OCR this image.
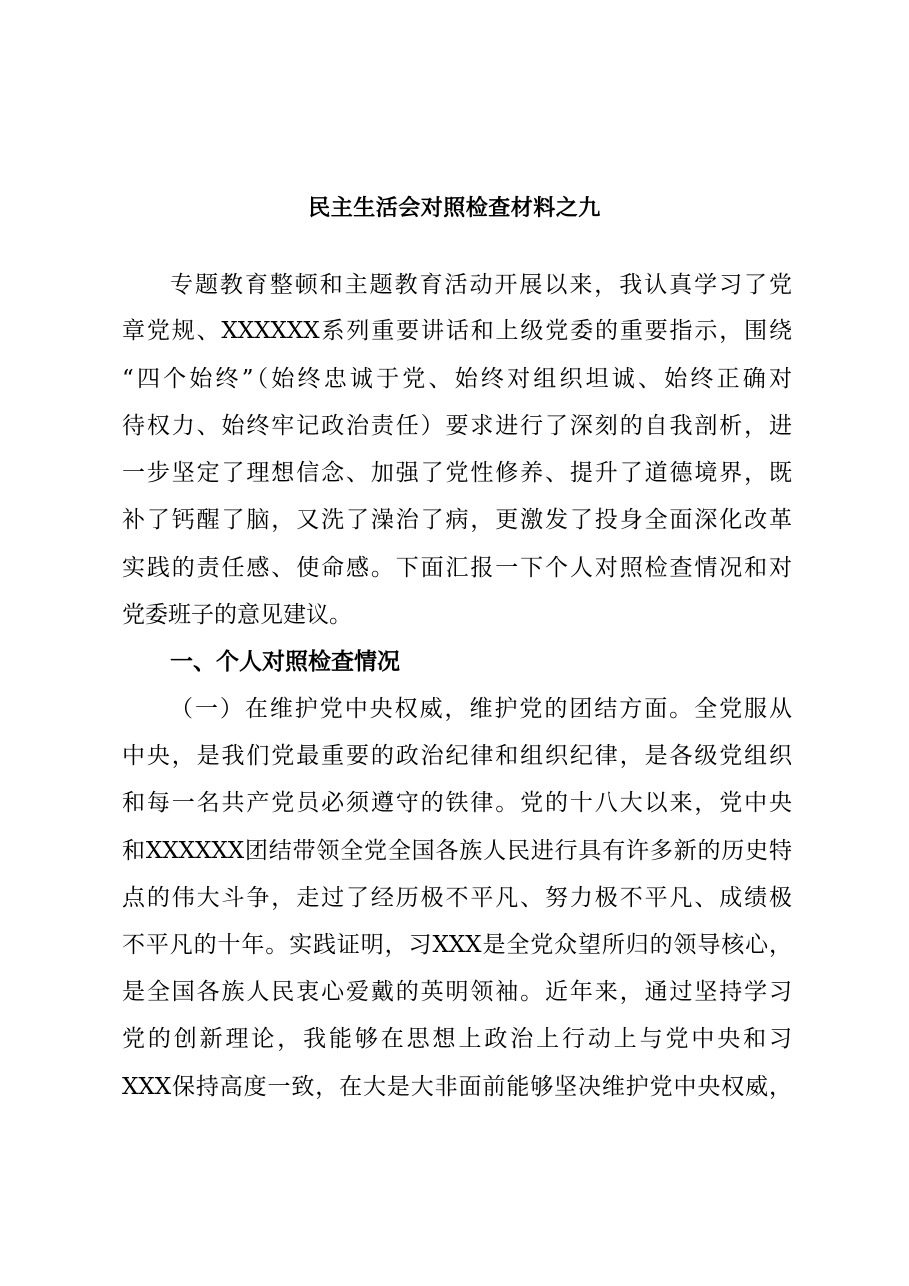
民主生活会对照检查材料之九
专题教育整顿和主题教育活动开展以来，我认真学习了党
章党规、XXXXXX系列重要讲话和上级党委的重要指示，围绕
“四个始终”（始终忠诚于党、始终对组织坦诚、始终正确对
待权力、始终牢记政治责任）要求进行了深刻的自我剖析，进
一步坚定了理想信念、加强了党性修养、提升了道德境界，既
补了钙醒了脑，又洗了澡治了病，更激发了投身全面深化改革
实践的责任感、使命感。下面汇报一下个人对照检查情况和对
党委班子的意见建议。
一、个人对照检查情况
（一）在维护党中央权威，维护党的团结方面。全党服从
中央，是我们党最重要的政治纪律和组织纪律，是各级党组织
和每一名共产党员必须遵守的铁律。党的十八大以来，党中央
和XXXXXX团结带领全党全国各族人民进行具有许多新的历史特
点的伟大斗争，走过了经历极不平凡、努力极不平凡、成绩极
不平凡的十年。实践证明，习XXX是全党众望所归的领导核心，
是全国各族人民衷心爱戴的英明领袖。近年来，通过坚持学习
党的创新理论，我能够在思想上政治上行动上与党中央和习
XXX保持高度一致，在大是大非面前能够坚决维护党中央权威，
